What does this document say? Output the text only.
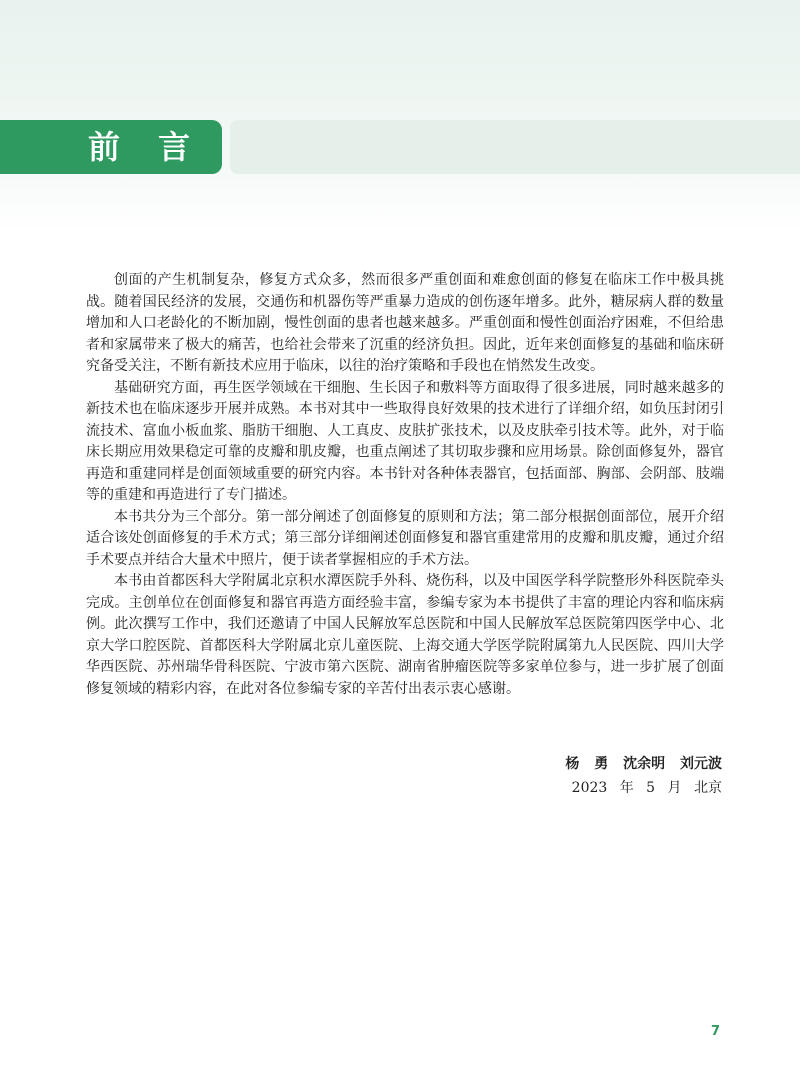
前言

创面的产生机制复杂，修复方式众多，然而很多严重创面和难愈创面的修复在临床工作中极具挑战。随着国民经济的发展，交通伤和机器伤等严重暴力造成的创伤逐年增多。此外，糖尿病人群的数量增加和人口老龄化的不断加剧，慢性创面的患者也越来越多。严重创面和慢性创面治疗困难，不但给患者和家属带来了极大的痛苦，也给社会带来了沉重的经济负担。因此，近年来创面修复的基础和临床研究备受关注，不断有新技术应用于临床，以往的治疗策略和手段也在悄然发生改变。

基础研究方面，再生医学领域在干细胞、生长因子和敷料等方面取得了很多进展，同时越来越多的新技术也在临床逐步开展并成熟。本书对其中一些取得良好效果的技术进行了详细介绍，如负压封闭引流技术、富血小板血浆、脂肪干细胞、人工真皮、皮肤扩张技术，以及皮肤牵引技术等。此外，对于临床长期应用效果稳定可靠的皮瓣和肌皮瓣，也重点阐述了其切取步骤和应用场景。除创面修复外，器官再造和重建同样是创面领域重要的研究内容。本书针对各种体表器官，包括面部、胸部、会阴部、肢端等的重建和再造进行了专门描述。

本书共分为三个部分。第一部分阐述了创面修复的原则和方法；第二部分根据创面部位，展开介绍适合该处创面修复的手术方式；第三部分详细阐述创面修复和器官重建常用的皮瓣和肌皮瓣，通过介绍手术要点并结合大量术中照片，便于读者掌握相应的手术方法。

本书由首都医科大学附属北京积水潭医院手外科、烧伤科，以及中国医学科学院整形外科医院牵头完成。主创单位在创面修复和器官再造方面经验丰富，参编专家为本书提供了丰富的理论内容和临床病例。此次撰写工作中，我们还邀请了中国人民解放军总医院和中国人民解放军总医院第四医学中心、北京大学口腔医院、首都医科大学附属北京儿童医院、上海交通大学医学院附属第九人民医院、四川大学华西医院、苏州瑞华骨科医院、宁波市第六医院、湖南省肿瘤医院等多家单位参与，进一步扩展了创面修复领域的精彩内容，在此对各位参编专家的辛苦付出表示衷心感谢。

杨 勇 沈余明 刘元波
2023 年 5 月 北京
7
